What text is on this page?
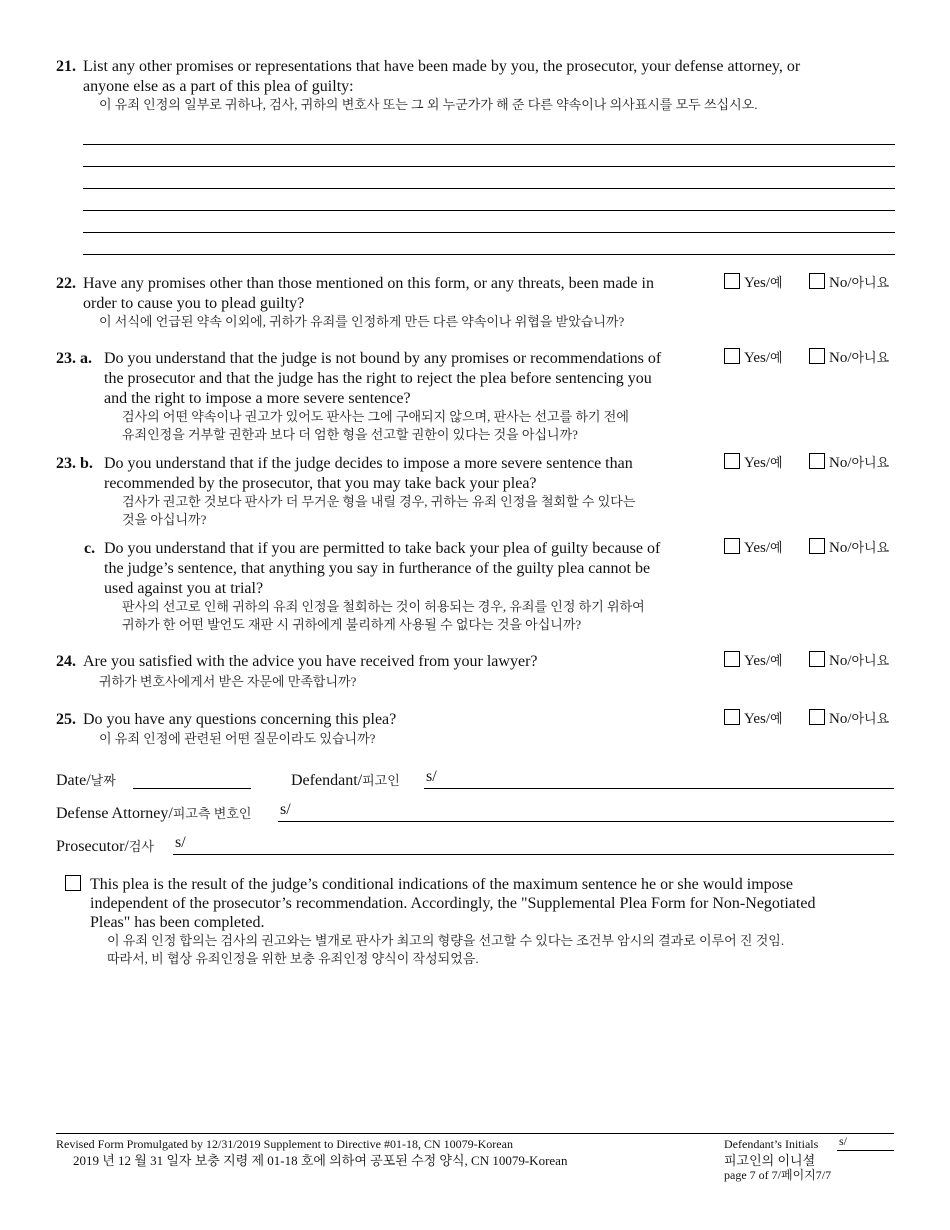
21. List any other promises or representations that have been made by you, the prosecutor, your defense attorney, or
anyone else as a part of this plea of guilty:
이 유죄 인정의 일부로 귀하나, 검사, 귀하의 변호사 또는 그 외 누군가가 해 준 다른 약속이나 의사표시를 모두 쓰십시오.
22. Have any promises other than those mentioned on this form, or any threats, been made in
order to cause you to plead guilty?
이 서식에 언급된 약속 이외에, 귀하가 유죄를 인정하게 만든 다른 약속이나 위협을 받았습니까?
Yes/예	No/아니요
23. a. Do you understand that the judge is not bound by any promises or recommendations of
the prosecutor and that the judge has the right to reject the plea before sentencing you
and the right to impose a more severe sentence?
검사의 어떤 약속이나 권고가 있어도 판사는 그에 구애되지 않으며, 판사는 선고를 하기 전에
유죄인정을 거부할 권한과 보다 더 엄한 형을 선고할 권한이 있다는 것을 아십니까?
Yes/예	No/아니요
23. b. Do you understand that if the judge decides to impose a more severe sentence than
recommended by the prosecutor, that you may take back your plea?
검사가 권고한 것보다 판사가 더 무거운 형을 내릴 경우, 귀하는 유죄 인정을 철회할 수 있다는
것을 아십니까?
Yes/예	No/아니요
c. Do you understand that if you are permitted to take back your plea of guilty because of
the judge’s sentence, that anything you say in furtherance of the guilty plea cannot be
used against you at trial?
판사의 선고로 인해 귀하의 유죄 인정을 철회하는 것이 허용되는 경우, 유죄를 인정 하기 위하여
귀하가 한 어떤 발언도 재판 시 귀하에게 불리하게 사용될 수 없다는 것을 아십니까?
Yes/예	No/아니요
24. Are you satisfied with the advice you have received from your lawyer?
귀하가 변호사에게서 받은 자문에 만족합니까?
Yes/예	No/아니요
25. Do you have any questions concerning this plea?
이 유죄 인정에 관련된 어떤 질문이라도 있습니까?
Yes/예	No/아니요
Date/날짜	Defendant/피고인 s/
Defense Attorney/피고측 변호인 s/
Prosecutor/검사 s/
This plea is the result of the judge’s conditional indications of the maximum sentence he or she would impose
independent of the prosecutor’s recommendation. Accordingly, the "Supplemental Plea Form for Non-Negotiated
Pleas" has been completed.
이 유죄 인정 합의는 검사의 권고와는 별개로 판사가 최고의 형량을 선고할 수 있다는 조건부 암시의 결과로 이루어 진 것임.
따라서, 비 협상 유죄인정을 위한 보충 유죄인정 양식이 작성되었음.
Revised Form Promulgated by 12/31/2019 Supplement to Directive #01-18, CN 10079-Korean
2019 년 12 월 31 일자 보충 지령 제 01-18 호에 의하여 공포된 수정 양식, CN 10079-Korean
Defendant’s Initials s/
피고인의 이니셜
page 7 of 7/페이지7/7
